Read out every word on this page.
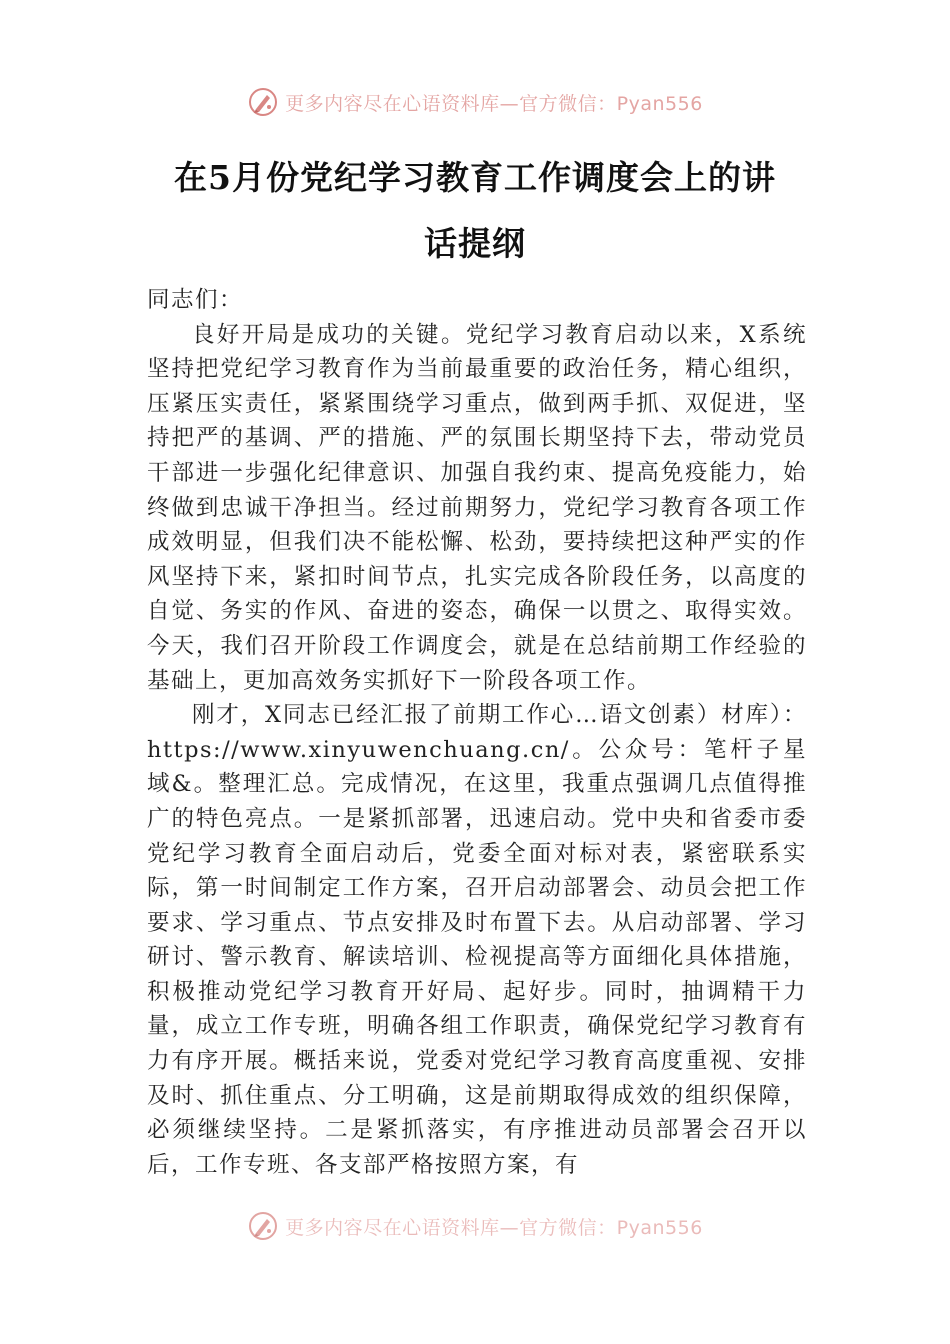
更多内容尽在心语资料库—官方微信：Pyan556
在5月份党纪学习教育工作调度会上的讲
话提纲

同志们：

良好开局是成功的关键。党纪学习教育启动以来，X系统坚持把党纪学习教育作为当前最重要的政治任务，精心组织，压紧压实责任，紧紧围绕学习重点，做到两手抓、双促进，坚持把严的基调、严的措施、严的氛围长期坚持下去，带动党员干部进一步强化纪律意识、加强自我约束、提高免疫能力，始终做到忠诚干净担当。经过前期努力，党纪学习教育各项工作成效明显，但我们决不能松懈、松劲，要持续把这种严实的作风坚持下来，紧扣时间节点，扎实完成各阶段任务，以高度的自觉、务实的作风、奋进的姿态，确保一以贯之、取得实效。今天，我们召开阶段工作调度会，就是在总结前期工作经验的基础上，更加高效务实抓好下一阶段各项工作。

刚才，X同志已经汇报了前期工作心…语文创素）材库）：https://www.xinyuwenchuang.cn/。公众号：笔杆子星域&。整理汇总。完成情况，在这里，我重点强调几点值得推广的特色亮点。一是紧抓部署，迅速启动。党中央和省委市委党纪学习教育全面启动后，党委全面对标对表，紧密联系实际，第一时间制定工作方案，召开启动部署会、动员会把工作要求、学习重点、节点安排及时布置下去。从启动部署、学习研讨、警示教育、解读培训、检视提高等方面细化具体措施，积极推动党纪学习教育开好局、起好步。同时，抽调精干力量，成立工作专班，明确各组工作职责，确保党纪学习教育有力有序开展。概括来说，党委对党纪学习教育高度重视、安排及时、抓住重点、分工明确，这是前期取得成效的组织保障，必须继续坚持。二是紧抓落实，有序推进动员部署会召开以后，工作专班、各支部严格按照方案，有

更多内容尽在心语资料库—官方微信：Pyan556
